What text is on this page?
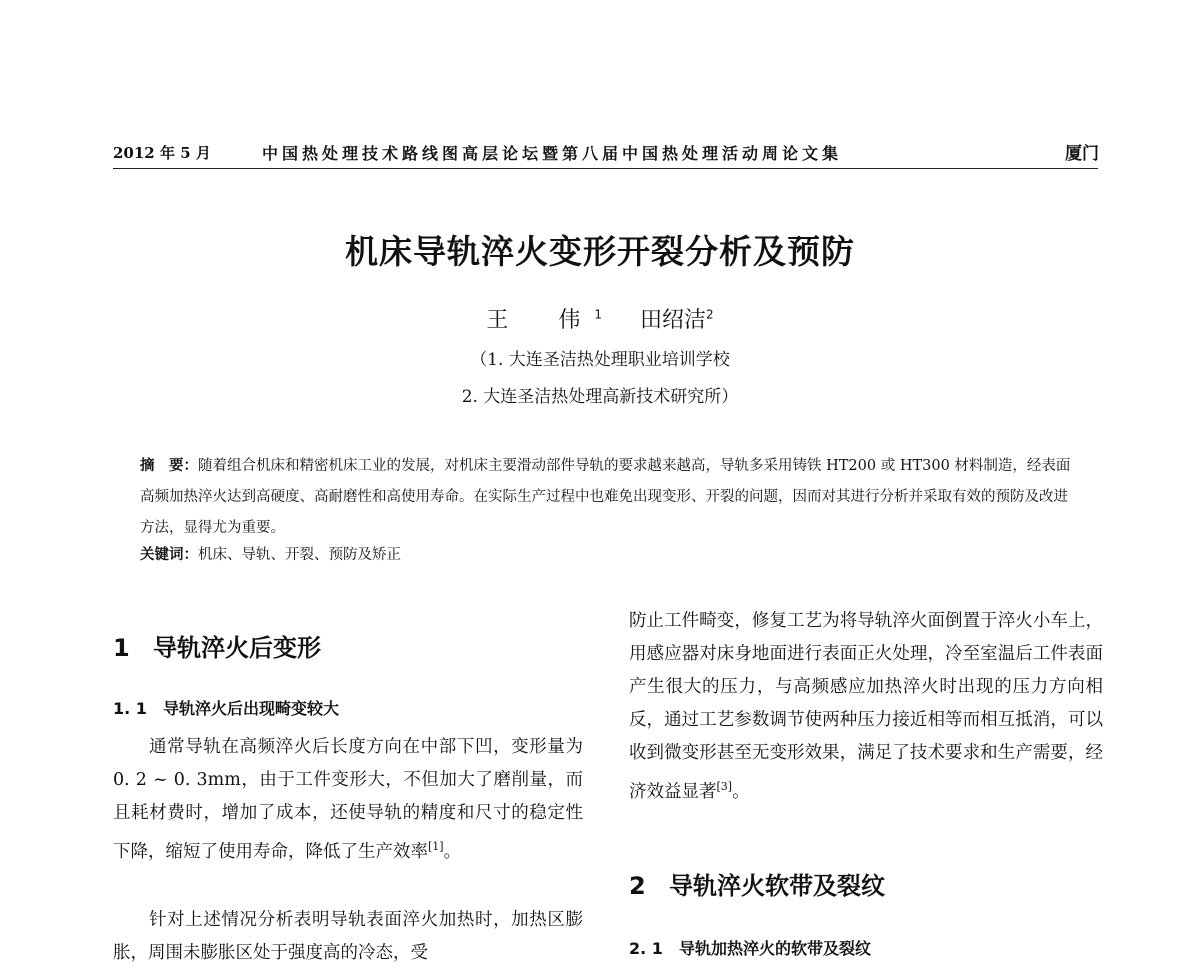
2012 年 5 月	中国热处理技术路线图高层论坛暨第八届中国热处理活动周论文集	厦门
机床导轨淬火变形开裂分析及预防
王　伟$^1$ 田绍洁$^2$
（1. 大连圣洁热处理职业培训学校
2. 大连圣洁热处理高新技术研究所）
摘　要：随着组合机床和精密机床工业的发展，对机床主要滑动部件导轨的要求越来越高，导轨多采用铸铁 HT200 或 HT300 材料制造，经表面高频加热淬火达到高硬度、高耐磨性和高使用寿命。在实际生产过程中也难免出现变形、开裂的问题，因而对其进行分析并采取有效的预防及改进方法，显得尤为重要。
关键词：机床、导轨、开裂、预防及矫正
1 导轨淬火后变形
1. 1 导轨淬火后出现畸变较大
通常导轨在高频淬火后长度方向在中部下凹，变形量为 0. 2 ~ 0. 3mm，由于工件变形大，不但加大了磨削量，而且耗材费时，增加了成本，还使导轨的精度和尺寸的稳定性下降，缩短了使用寿命，降低了生产效率[1]。
针对上述情况分析表明导轨表面淬火加热时，加热区膨胀，周围未膨胀区处于强度高的冷态，受
防止工件畸变，修复工艺为将导轨淬火面倒置于淬火小车上，用感应器对床身地面进行表面正火处理，冷至室温后工件表面产生很大的压力，与高频感应加热淬火时出现的压力方向相反，通过工艺参数调节使两种压力接近相等而相互抵消，可以收到微变形甚至无变形效果，满足了技术要求和生产需要，经济效益显著[3]。
2 导轨淬火软带及裂纹
2. 1 导轨加热淬火的软带及裂纹
